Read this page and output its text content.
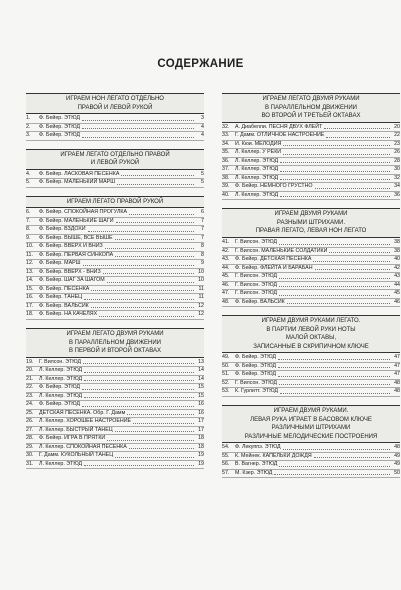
СОДЕРЖАНИЕ
ИГРАЕМ НОН ЛЕГАТО ОТДЕЛЬНО
ПРАВОЙ И ЛЕВОЙ РУКОЙ
1.	Ф. Бейер. ЭТЮД	3
2.	Ф. Бейер. ЭТЮД	4
3.	Ф. Бейер. ЭТЮД	4
ИГРАЕМ ЛЕГАТО ОТДЕЛЬНО ПРАВОЙ
И ЛЕВОЙ РУКОЙ
4.	Ф. Бейер. ЛАСКОВАЯ ПЕСЕНКА	5
5.	Ф. Бейер. МАЛЕНЬКИЙ МАРШ	5
ИГРАЕМ ЛЕГАТО ПРАВОЙ РУКОЙ
6.	Ф. Бейер. СПОКОЙНАЯ ПРОГУЛКА	6
7.	Ф. Бейер. МАЛЕНЬКИЕ ШАГИ	7
8.	Ф. Бейер. ВЗДОХИ	7
9.	Ф. Бейер. ВЫШЕ, ВСЕ ВЫШЕ	7
10.	Ф. Бейер. ВВЕРХ И ВНИЗ	8
11.	Ф. Бейер. ПЕРВАЯ СИНКОПА	8
12.	Ф. Бейер. МАРШ	9
13.	Ф. Бейер. ВВЕРХ - ВНИЗ	10
14.	Ф. Бейер. ШАГ ЗА ШАГОМ	10
15.	Ф. Бейер. ПЕСЕНКА	11
16.	Ф. Бейер. ТАНЕЦ	11
17.	Ф. Бейер. ВАЛЬСИК	12
18.	Ф. Бейер. НА КАЧЕЛЯХ	12
ИГРАЕМ ЛЕГАТО ДВУМЯ РУКАМИ
В ПАРАЛЛЕЛЬНОМ ДВИЖЕНИИ
В ПЕРВОЙ И ВТОРОЙ ОКТАВАХ
19.	Г. Вилсон. ЭТЮД	13
20.	Л. Келлер. ЭТЮД	14
21.	Л. Келлер. ЭТЮД	14
22.	Ф. Бейер. ЭТЮД	15
23.	Л. Келлер. ЭТЮД	15
24.	Ф. Бейер. ЭТЮД	16
25.	ДЕТСКАЯ ПЕСЕНКА. Обр. Г. Дамм	16
26.	Л. Келлер. ХОРОШЕЕ НАСТРОЕНИЕ	17
27.	Л. Келлер. БЫСТРЫЙ ТАНЕЦ	17
28.	Ф. Бейер. ИГРА В ПРЯТКИ	18
29.	Л. Келлер. СПОКОЙНАЯ ПЕСЕНКА	18
30.	Г. Дамм. КУКОЛЬНЫЙ ТАНЕЦ	19
31.	Л. Келлер. ЭТЮД	19
ИГРАЕМ ЛЕГАТО ДВУМЯ РУКАМИ
В ПАРАЛЛЕЛЬНОМ ДВИЖЕНИИ
ВО ВТОРОЙ И ТРЕТЬЕЙ ОКТАВАХ
32.	А. Диабелли. ПЕСНЯ ДВУХ ФЛЕЙТ	20
33.	Г. Дамм. ОТЛИЧНОЕ НАСТРОЕНИЕ	22
34.	И. Кюи. МЕЛОДИЯ	23
35.	Л. Келлер. У РЕКИ	26
36.	Л. Келлер. ЭТЮД	28
37.	Л. Келлер. ЭТЮД	30
38.	Л. Келлер. ЭТЮД	32
39.	Ф. Бейер. НЕМНОГО ГРУСТНО	34
40.	Л. Келлер. ЭТЮД	36
ИГРАЕМ ДВУМЯ РУКАМИ
РАЗНЫМИ ШТРИХАМИ.
ПРАВАЯ ЛЕГАТО, ЛЕВАЯ НОН ЛЕГАТО
41.	Г. Вилсон. ЭТЮД	38
42.	Г. Вилсон. МАЛЕНЬКИЕ СОЛДАТИКИ	38
43.	Ф. Бейер. ДЕТСКАЯ ПЕСЕНКА	40
44.	Ф. Бейер. ФЛЕЙТА И БАРАБАН	42
45.	Г. Вилсон. ЭТЮД	43
46.	Г. Вилсон. ЭТЮД	44
47.	Г. Вилсон. ЭТЮД	45
48.	Ф. Бейер. ВАЛЬСИК	46
ИГРАЕМ ДВУМЯ РУКАМИ ЛЕГАТО.
В ПАРТИИ ЛЕВОЙ РУКИ НОТЫ
МАЛОЙ ОКТАВЫ,
ЗАПИСАННЫЕ В СКРИПИЧНОМ КЛЮЧЕ
49.	Ф. Бейер. ЭТЮД	47
50.	Ф. Бейер. ЭТЮД	47
51.	Ф. Бейер. ЭТЮД	47
52.	Г. Вилсон. ЭТЮД	48
53.	К. Гурлитт. ЭТЮД	48
ИГРАЕМ ДВУМЯ РУКАМИ.
ЛЕВАЯ РУКА ИГРАЕТ В БАСОВОМ КЛЮЧЕ
РАЗЛИЧНЫМИ ШТРИХАМИ
РАЗЛИЧНЫЕ МЕЛОДИЧЕСКИЕ ПОСТРОЕНИЯ
54.	Ф. Лекуппэ. ЭТЮД	48
55.	К. Мейнек. КАПЕЛЬКИ ДОЖДЯ	49
56.	В. Вагнер. ЭТЮД	49
57.	М. Кзер. ЭТЮД	50
